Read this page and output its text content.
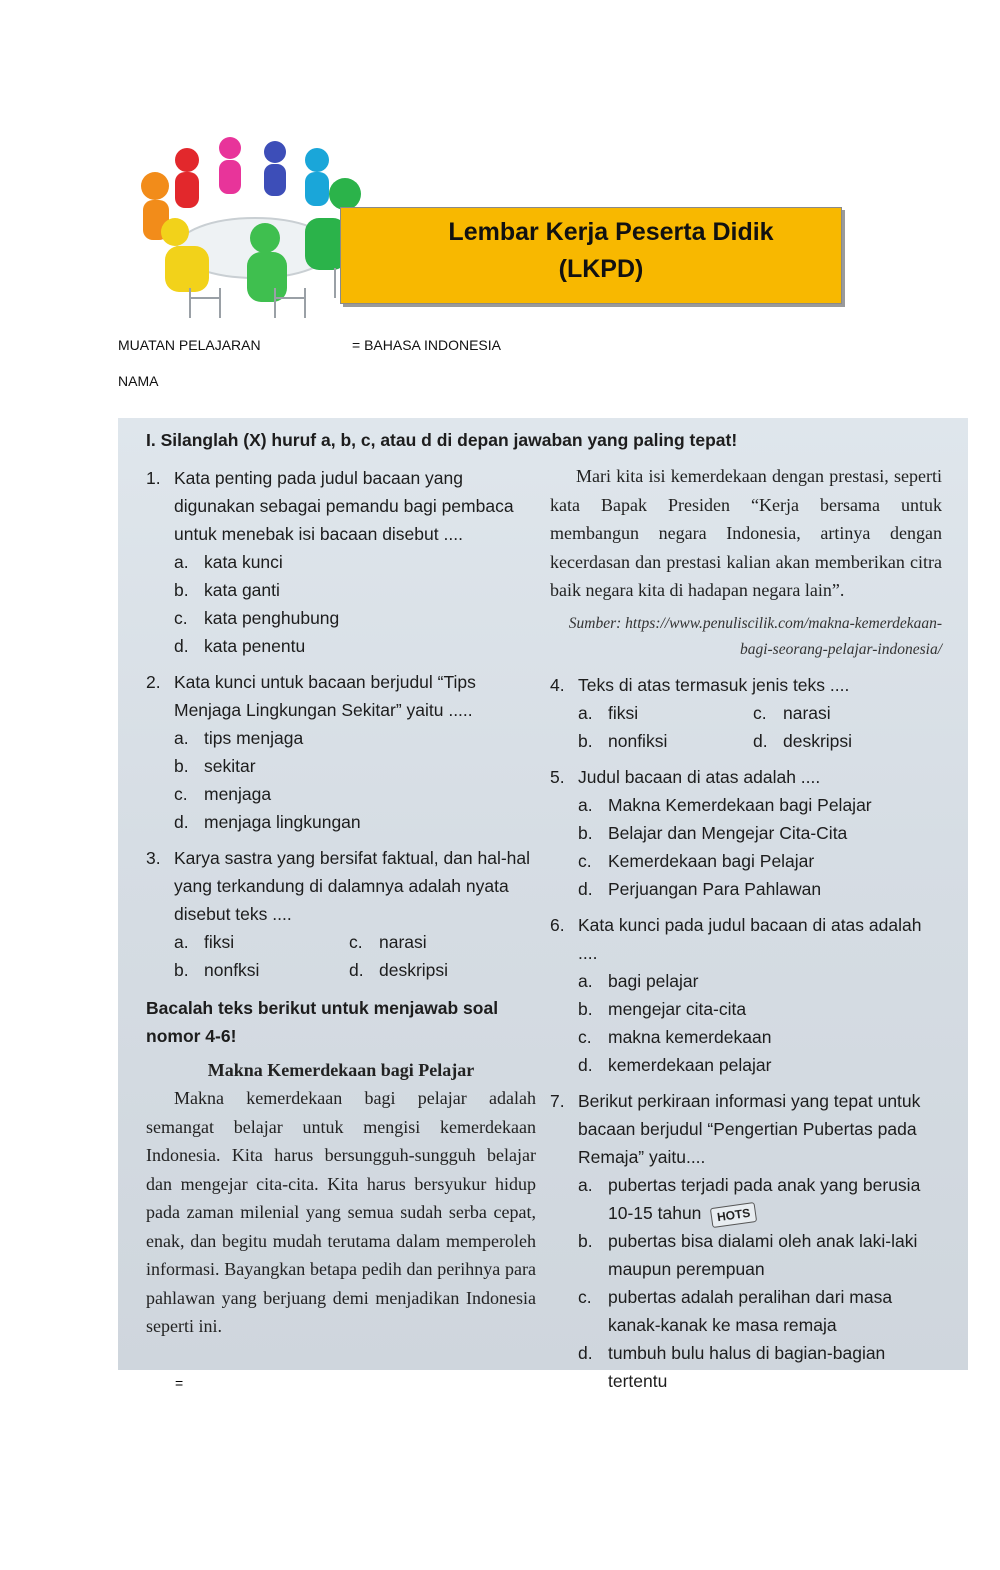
Lembar Kerja Peserta Didik
(LKPD)
MUATAN PELAJARAN	= BAHASA INDONESIA
NAMA
I. Silanglah (X) huruf a, b, c, atau d di depan jawaban yang paling tepat!
1. Kata penting pada judul bacaan yang digunakan sebagai pemandu bagi pembaca untuk menebak isi bacaan disebut ....
a. kata kunci
b. kata ganti
c. kata penghubung
d. kata penentu
2. Kata kunci untuk bacaan berjudul “Tips Menjaga Lingkungan Sekitar” yaitu .....
a. tips menjaga
b. sekitar
c. menjaga
d. menjaga lingkungan
3. Karya sastra yang bersifat faktual, dan hal-hal yang terkandung di dalamnya adalah nyata disebut teks ....
a. fiksi	c. narasi
b. nonfksi	d. deskripsi
Bacalah teks berikut untuk menjawab soal nomor 4-6!
Makna Kemerdekaan bagi Pelajar
Makna kemerdekaan bagi pelajar adalah semangat belajar untuk mengisi kemerdekaan Indonesia. Kita harus bersungguh-sungguh belajar dan mengejar cita-cita. Kita harus bersyukur hidup pada zaman milenial yang semua sudah serba cepat, enak, dan begitu mudah terutama dalam memperoleh informasi. Bayangkan betapa pedih dan perihnya para pahlawan yang berjuang demi menjadikan Indonesia seperti ini.
Mari kita isi kemerdekaan dengan prestasi, seperti kata Bapak Presiden “Kerja bersama untuk membangun negara Indonesia, artinya dengan kecerdasan dan prestasi kalian akan memberikan citra baik negara kita di hadapan negara lain”.
Sumber: https://www.penuliscilik.com/makna-kemerdekaan-
bagi-seorang-pelajar-indonesia/
4. Teks di atas termasuk jenis teks ....
a. fiksi	c. narasi
b. nonfiksi	d. deskripsi
5. Judul bacaan di atas adalah ....
a. Makna Kemerdekaan bagi Pelajar
b. Belajar dan Mengejar Cita-Cita
c. Kemerdekaan bagi Pelajar
d. Perjuangan Para Pahlawan
6. Kata kunci pada judul bacaan di atas adalah ....
a. bagi pelajar
b. mengejar cita-cita
c. makna kemerdekaan
d. kemerdekaan pelajar
7. Berikut perkiraan informasi yang tepat untuk bacaan berjudul “Pengertian Pubertas pada Remaja” yaitu....
a. pubertas terjadi pada anak yang berusia 10-15 tahun HOTS
b. pubertas bisa dialami oleh anak laki-laki maupun perempuan
c. pubertas adalah peralihan dari masa kanak-kanak ke masa remaja
d. tumbuh bulu halus di bagian-bagian tertentu
=
